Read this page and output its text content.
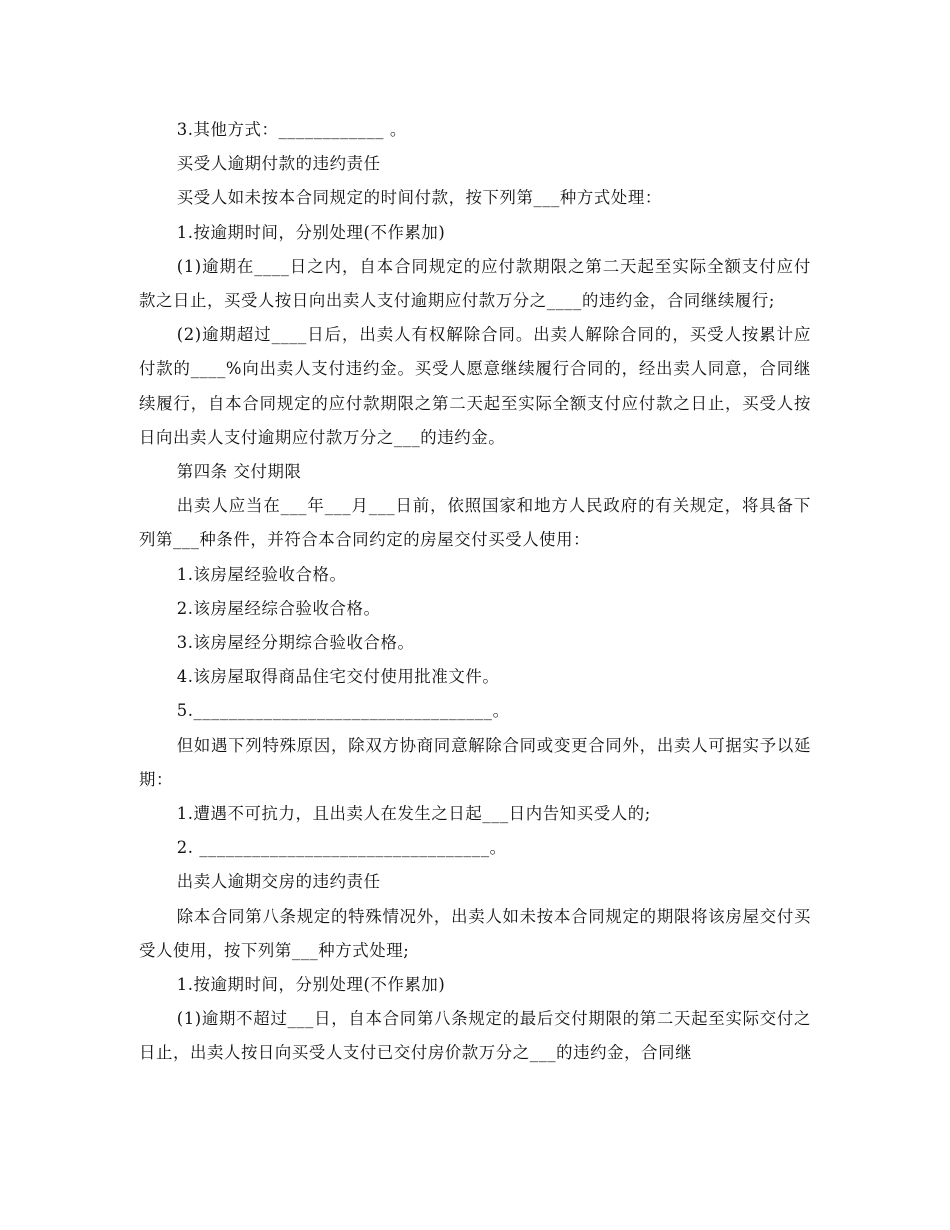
3.其他方式：____________ 。

买受人逾期付款的违约责任

买受人如未按本合同规定的时间付款，按下列第___种方式处理：

1.按逾期时间，分别处理(不作累加)

(1)逾期在____日之内，自本合同规定的应付款期限之第二天起至实际全额支付应付款之日止，买受人按日向出卖人支付逾期应付款万分之____的违约金，合同继续履行;

(2)逾期超过____日后，出卖人有权解除合同。出卖人解除合同的，买受人按累计应付款的____%向出卖人支付违约金。买受人愿意继续履行合同的，经出卖人同意，合同继续履行，自本合同规定的应付款期限之第二天起至实际全额支付应付款之日止，买受人按日向出卖人支付逾期应付款万分之___的违约金。

第四条 交付期限

出卖人应当在___年___月___日前，依照国家和地方人民政府的有关规定，将具备下列第___种条件，并符合本合同约定的房屋交付买受人使用：

1.该房屋经验收合格。

2.该房屋经综合验收合格。

3.该房屋经分期综合验收合格。

4.该房屋取得商品住宅交付使用批准文件。

5.__________________________________。

但如遇下列特殊原因，除双方协商同意解除合同或变更合同外，出卖人可据实予以延期：

1.遭遇不可抗力，且出卖人在发生之日起___日内告知买受人的;

2. _________________________________。

出卖人逾期交房的违约责任

除本合同第八条规定的特殊情况外，出卖人如未按本合同规定的期限将该房屋交付买受人使用，按下列第___种方式处理;

1.按逾期时间，分别处理(不作累加)

(1)逾期不超过___日，自本合同第八条规定的最后交付期限的第二天起至实际交付之日止，出卖人按日向买受人支付已交付房价款万分之___的违约金，合同继
